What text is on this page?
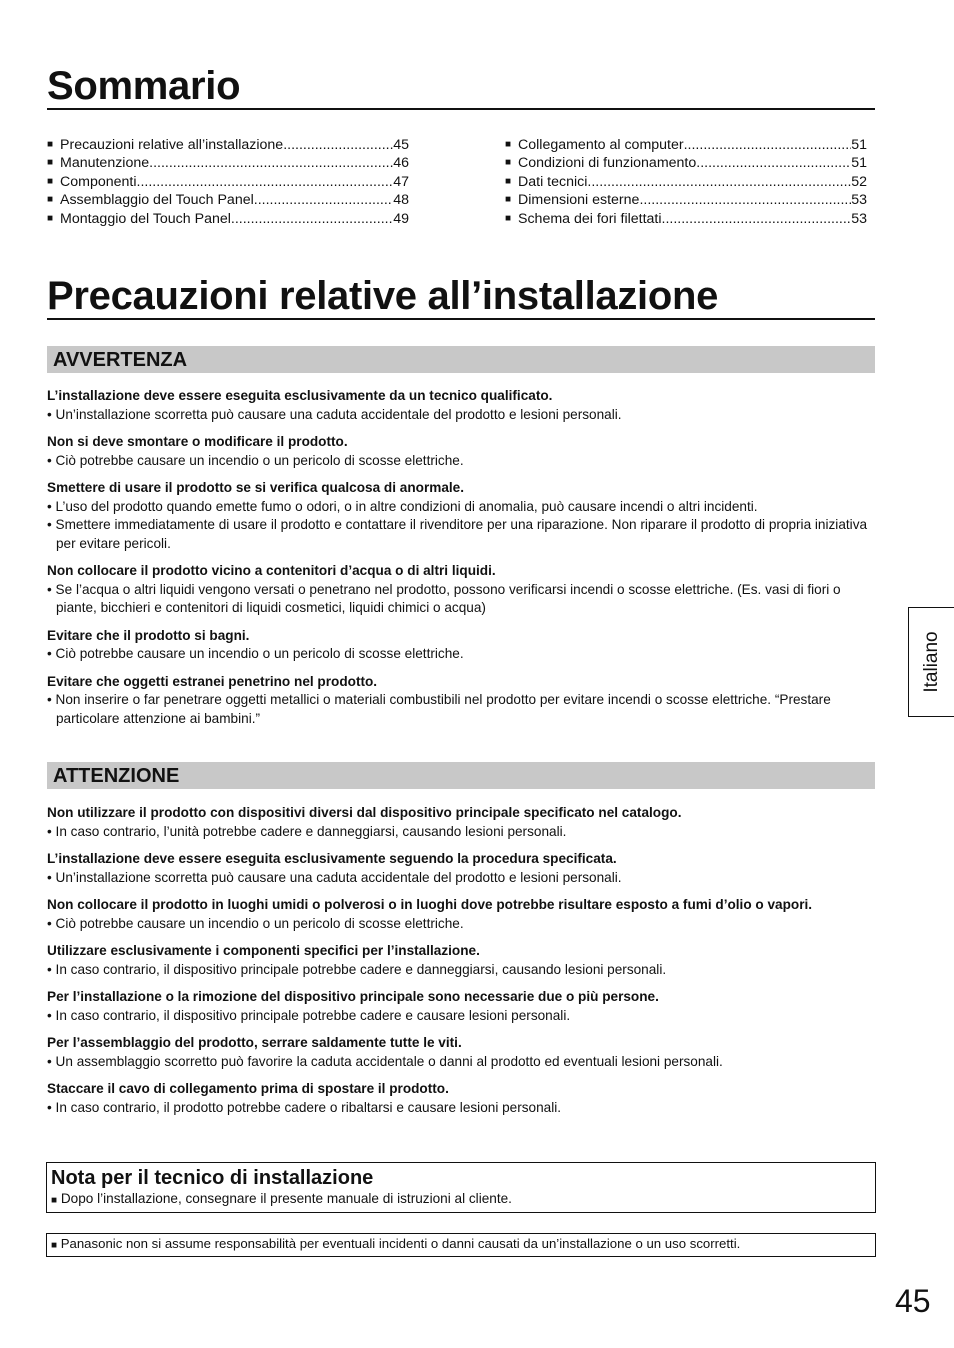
Sommario
■ Precauzioni relative all’installazione .....	45
■ Manutenzione .....	46
■ Componenti .....	47
■ Assemblaggio del Touch Panel .....	48
■ Montaggio del Touch Panel .....	49
■ Collegamento al computer .....	51
■ Condizioni di funzionamento .....	51
■ Dati tecnici .....	52
■ Dimensioni esterne .....	53
■ Schema dei fori filettati .....	53
Precauzioni relative all’installazione
AVVERTENZA
L’installazione deve essere eseguita esclusivamente da un tecnico qualificato.
• Un’installazione scorretta può causare una caduta accidentale del prodotto e lesioni personali.
Non si deve smontare o modificare il prodotto.
• Ciò potrebbe causare un incendio o un pericolo di scosse elettriche.
Smettere di usare il prodotto se si verifica qualcosa di anormale.
• L’uso del prodotto quando emette fumo o odori, o in altre condizioni di anomalia, può causare incendi o altri incidenti.
• Smettere immediatamente di usare il prodotto e contattare il rivenditore per una riparazione. Non riparare il prodotto di propria iniziativa per evitare pericoli.
Non collocare il prodotto vicino a contenitori d’acqua o di altri liquidi.
• Se l’acqua o altri liquidi vengono versati o penetrano nel prodotto, possono verificarsi incendi o scosse elettriche. (Es. vasi di fiori o piante, bicchieri e contenitori di liquidi cosmetici, liquidi chimici o acqua)
Evitare che il prodotto si bagni.
• Ciò potrebbe causare un incendio o un pericolo di scosse elettriche.
Evitare che oggetti estranei penetrino nel prodotto.
• Non inserire o far penetrare oggetti metallici o materiali combustibili nel prodotto per evitare incendi o scosse elettriche. “Prestare particolare attenzione ai bambini.”
ATTENZIONE
Non utilizzare il prodotto con dispositivi diversi dal dispositivo principale specificato nel catalogo.
• In caso contrario, l’unità potrebbe cadere e danneggiarsi, causando lesioni personali.
L’installazione deve essere eseguita esclusivamente seguendo la procedura specificata.
• Un’installazione scorretta può causare una caduta accidentale del prodotto e lesioni personali.
Non collocare il prodotto in luoghi umidi o polverosi o in luoghi dove potrebbe risultare esposto a fumi d’olio o vapori.
• Ciò potrebbe causare un incendio o un pericolo di scosse elettriche.
Utilizzare esclusivamente i componenti specifici per l’installazione.
• In caso contrario, il dispositivo principale potrebbe cadere e danneggiarsi, causando lesioni personali.
Per l’installazione o la rimozione del dispositivo principale sono necessarie due o più persone.
• In caso contrario, il dispositivo principale potrebbe cadere e causare lesioni personali.
Per l’assemblaggio del prodotto, serrare saldamente tutte le viti.
• Un assemblaggio scorretto può favorire la caduta accidentale o danni al prodotto ed eventuali lesioni personali.
Staccare il cavo di collegamento prima di spostare il prodotto.
• In caso contrario, il prodotto potrebbe cadere o ribaltarsi e causare lesioni personali.
Nota per il tecnico di installazione
■ Dopo l’installazione, consegnare il presente manuale di istruzioni al cliente.
■ Panasonic non si assume responsabilità per eventuali incidenti o danni causati da un’installazione o un uso scorretti.
Italiano
45
